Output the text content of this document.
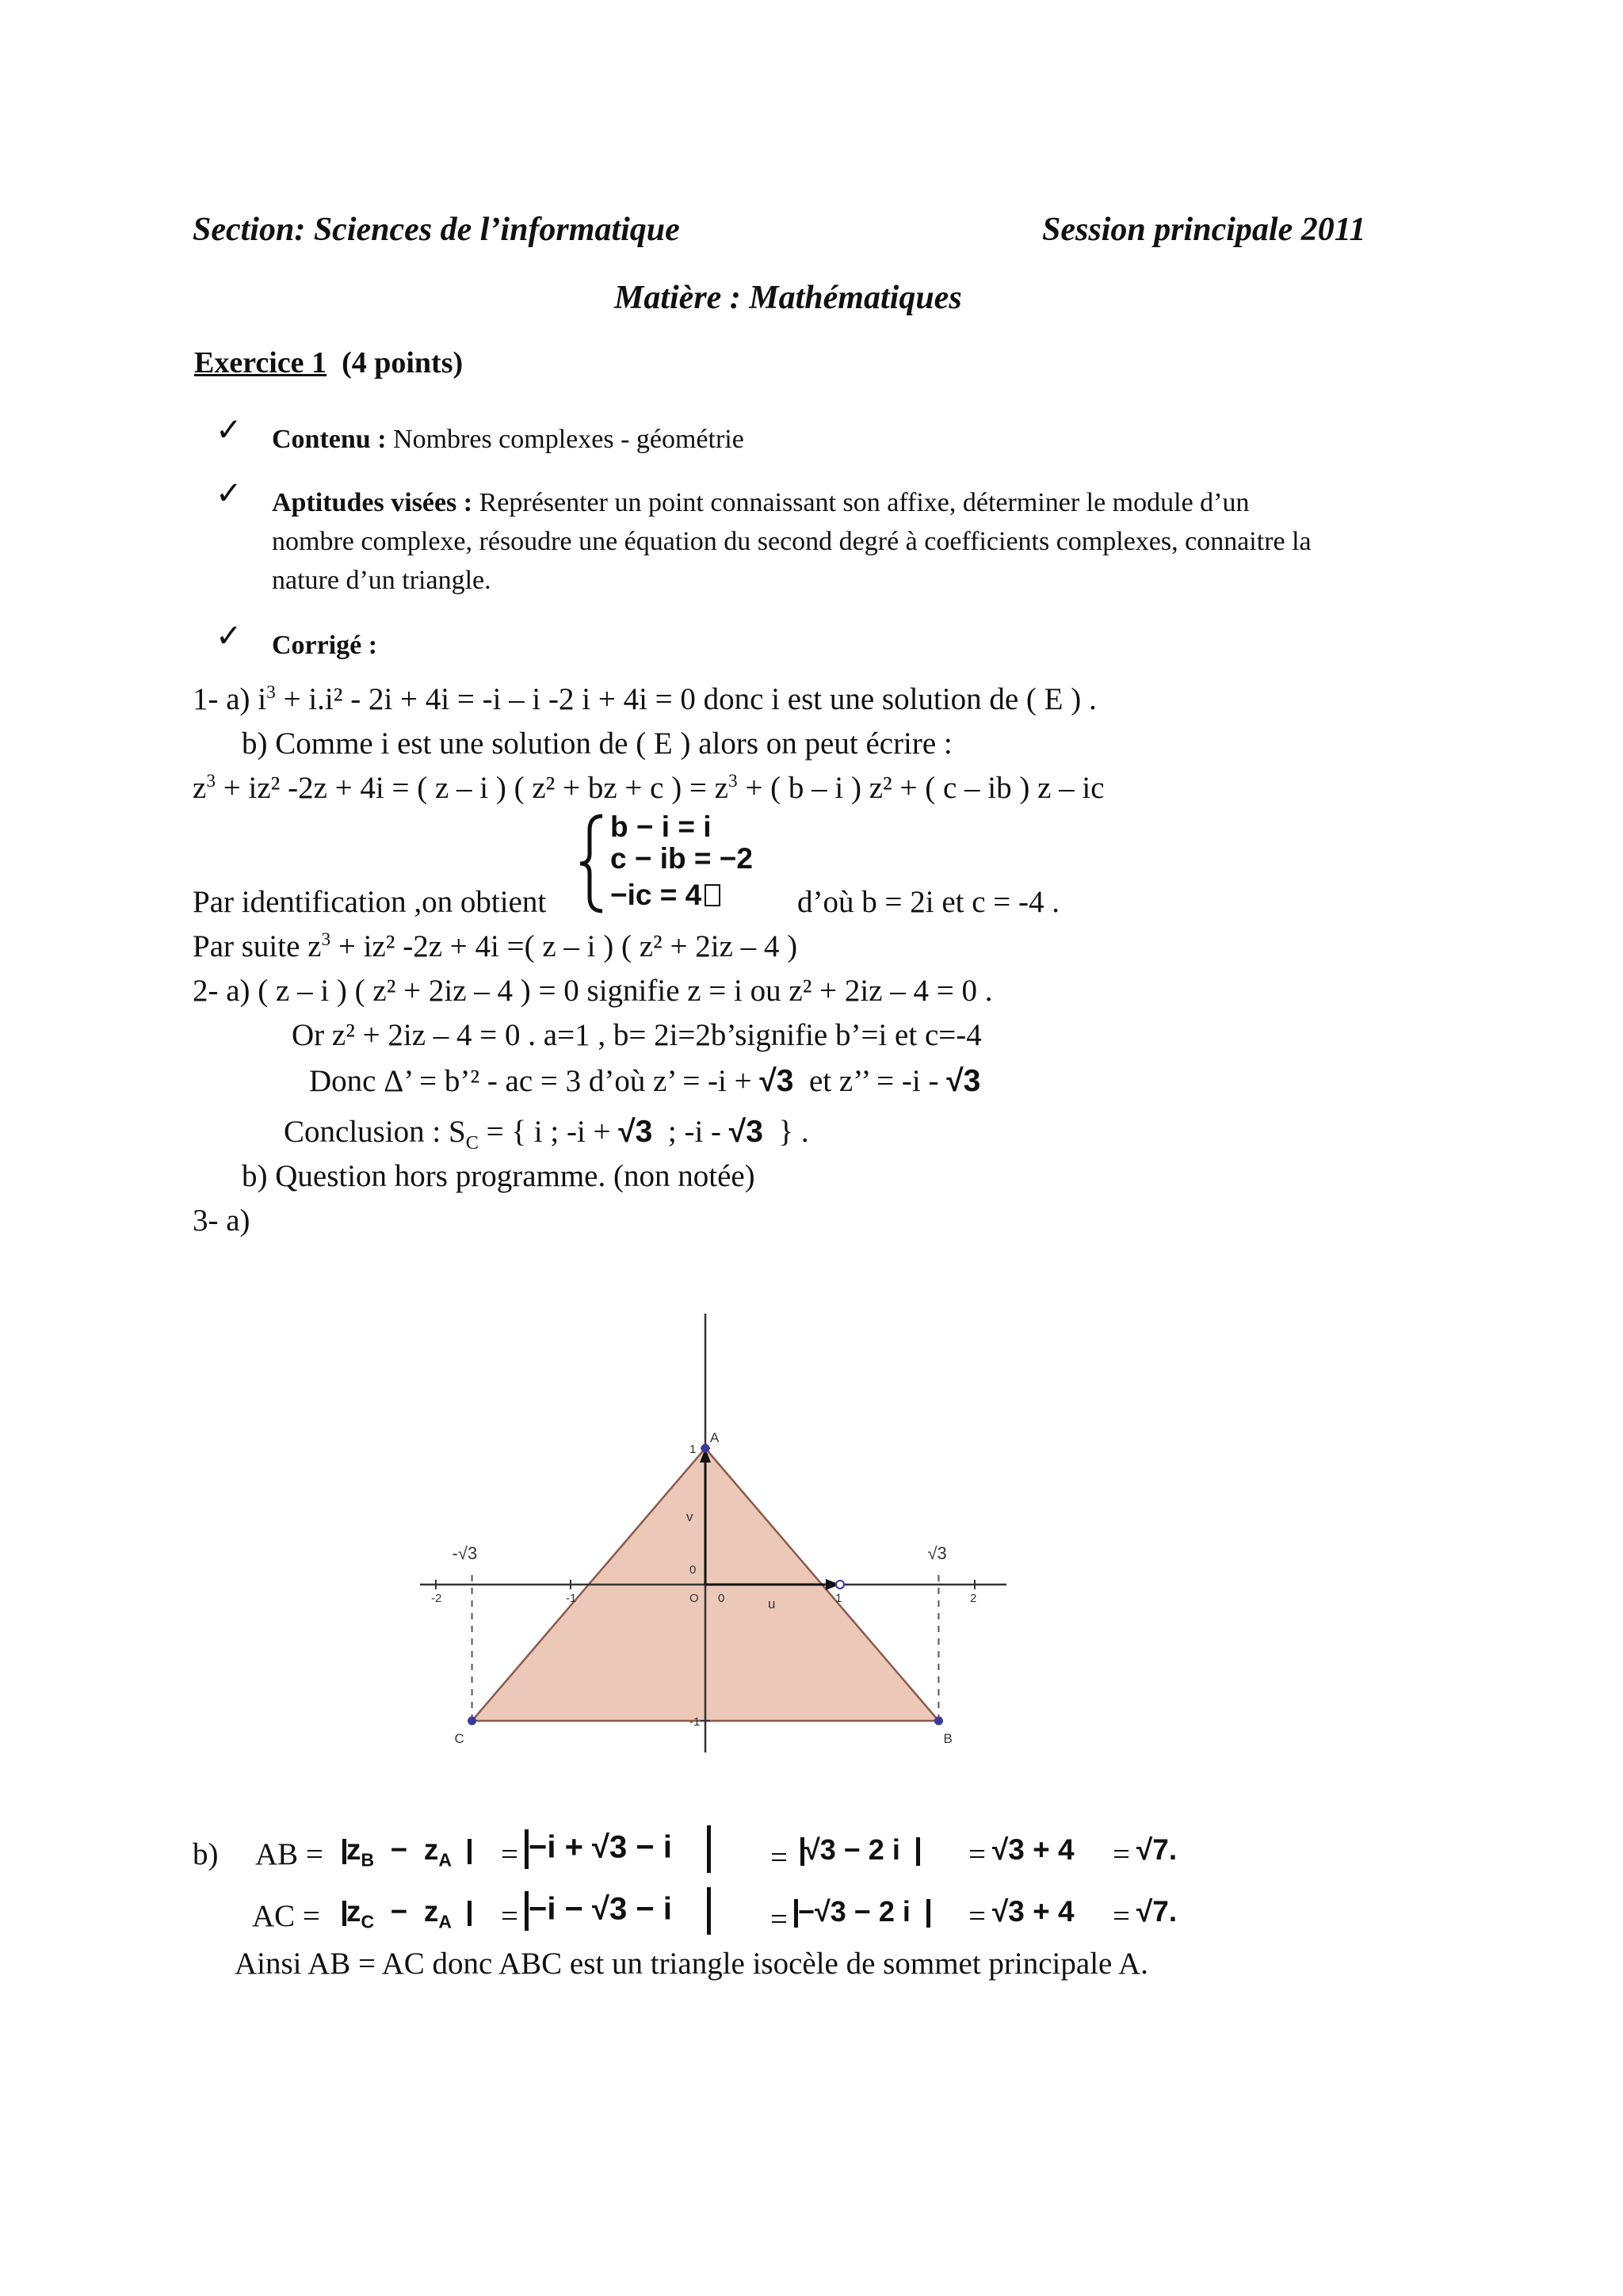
Section: Sciences de l’informatique	Session principale 2011
Matière : Mathématiques
Exercice 1 (4 points)
✓ Contenu : Nombres complexes - géométrie
✓ Aptitudes visées : Représenter un point connaissant son affixe, déterminer le module d’un
nombre complexe, résoudre une équation du second degré à coefficients complexes, connaitre la
nature d’un triangle.
✓ Corrigé :
1- a) $i^3 + i.i^2 - 2i + 4i = -i - i$ -2 i + 4i = 0 donc i est une solution de ( E ) .
b) Comme i est une solution de ( E ) alors on peut écrire :
$z^3 + iz^2$ -2z + 4i = ( z – i ) ( z² + bz + c ) = $z^3$ + ( b – i ) z² + ( c – ib ) z – ic
b − i = i
c − ib = −2
−ic = 4
Par identification ,on obtient	d’où b = 2i et c = -4 .
Par suite $z^3 + iz^2$ -2z + 4i =( z – i ) ( z² + 2iz – 4 )
2- a) ( z – i ) ( z² + 2iz – 4 ) = 0 signifie z = i ou z² + 2iz – 4 = 0 .
Or z² + 2iz – 4 = 0 . a=1 , b= 2i=2b’signifie b’=i et c=-4
Donc Δ’ = b’² - ac = 3 d’où z’ = -i + √3 et z’’ = -i - √3
Conclusion : $S_C$ = { i ; -i + √3  ; -i - √3  } .
b) Question hors programme. (non notée)
3- a)
-2	-1	0	1	2
1
0
-1
-√3	√3
u
v
A
B
C
O
b) AB = $z_B - z_A$	= −i + √3 − i	= √3 − 2 i	= √3 + 4 = √7.
AC = $z_C - z_A$	= −i − √3 − i	= −√3 − 2 i	= √3 + 4 = √7.
Ainsi AB = AC donc ABC est un triangle isocèle de sommet principale A.
